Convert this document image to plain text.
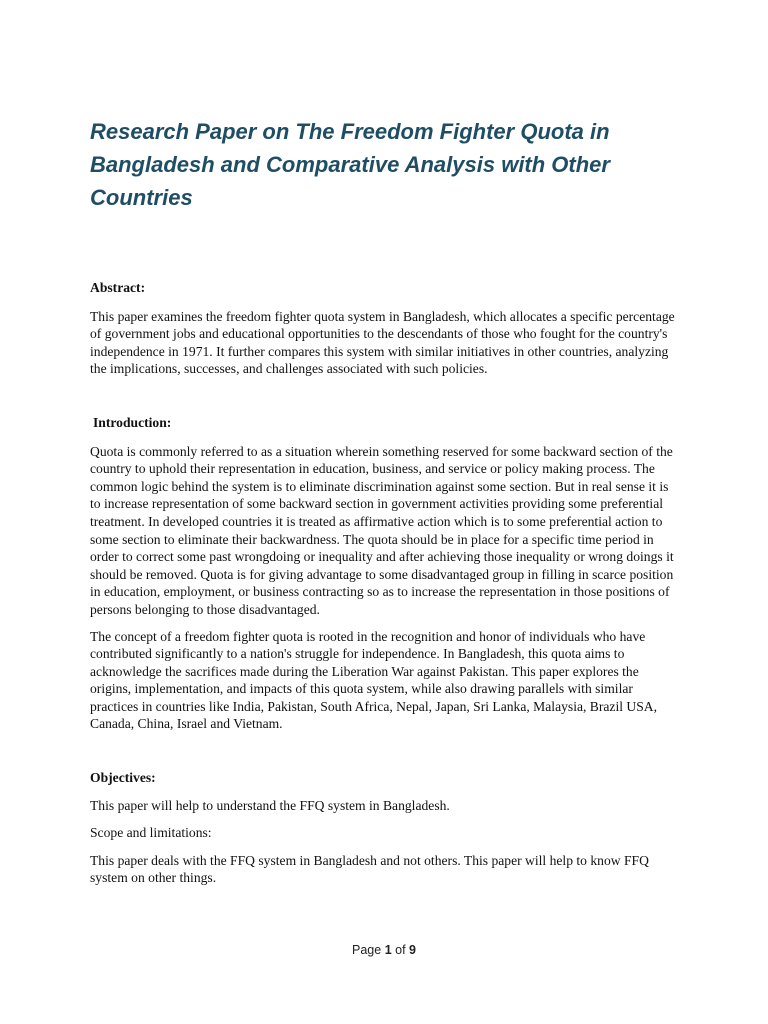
Research Paper on The Freedom Fighter Quota in Bangladesh and Comparative Analysis with Other Countries

Abstract:

This paper examines the freedom fighter quota system in Bangladesh, which allocates a specific percentage of government jobs and educational opportunities to the descendants of those who fought for the country's independence in 1971. It further compares this system with similar initiatives in other countries, analyzing the implications, successes, and challenges associated with such policies.

Introduction:

Quota is commonly referred to as a situation wherein something reserved for some backward section of the country to uphold their representation in education, business, and service or policy making process. The common logic behind the system is to eliminate discrimination against some section. But in real sense it is to increase representation of some backward section in government activities providing some preferential treatment. In developed countries it is treated as affirmative action which is to some preferential action to some section to eliminate their backwardness. The quota should be in place for a specific time period in order to correct some past wrongdoing or inequality and after achieving those inequality or wrong doings it should be removed. Quota is for giving advantage to some disadvantaged group in filling in scarce position in education, employment, or business contracting so as to increase the representation in those positions of persons belonging to those disadvantaged.

The concept of a freedom fighter quota is rooted in the recognition and honor of individuals who have contributed significantly to a nation's struggle for independence. In Bangladesh, this quota aims to acknowledge the sacrifices made during the Liberation War against Pakistan. This paper explores the origins, implementation, and impacts of this quota system, while also drawing parallels with similar practices in countries like India, Pakistan, South Africa, Nepal, Japan, Sri Lanka, Malaysia, Brazil USA, Canada, China, Israel and Vietnam.

Objectives:

This paper will help to understand the FFQ system in Bangladesh.

Scope and limitations:

This paper deals with the FFQ system in Bangladesh and not others. This paper will help to know FFQ system on other things.

Page 1 of 9
